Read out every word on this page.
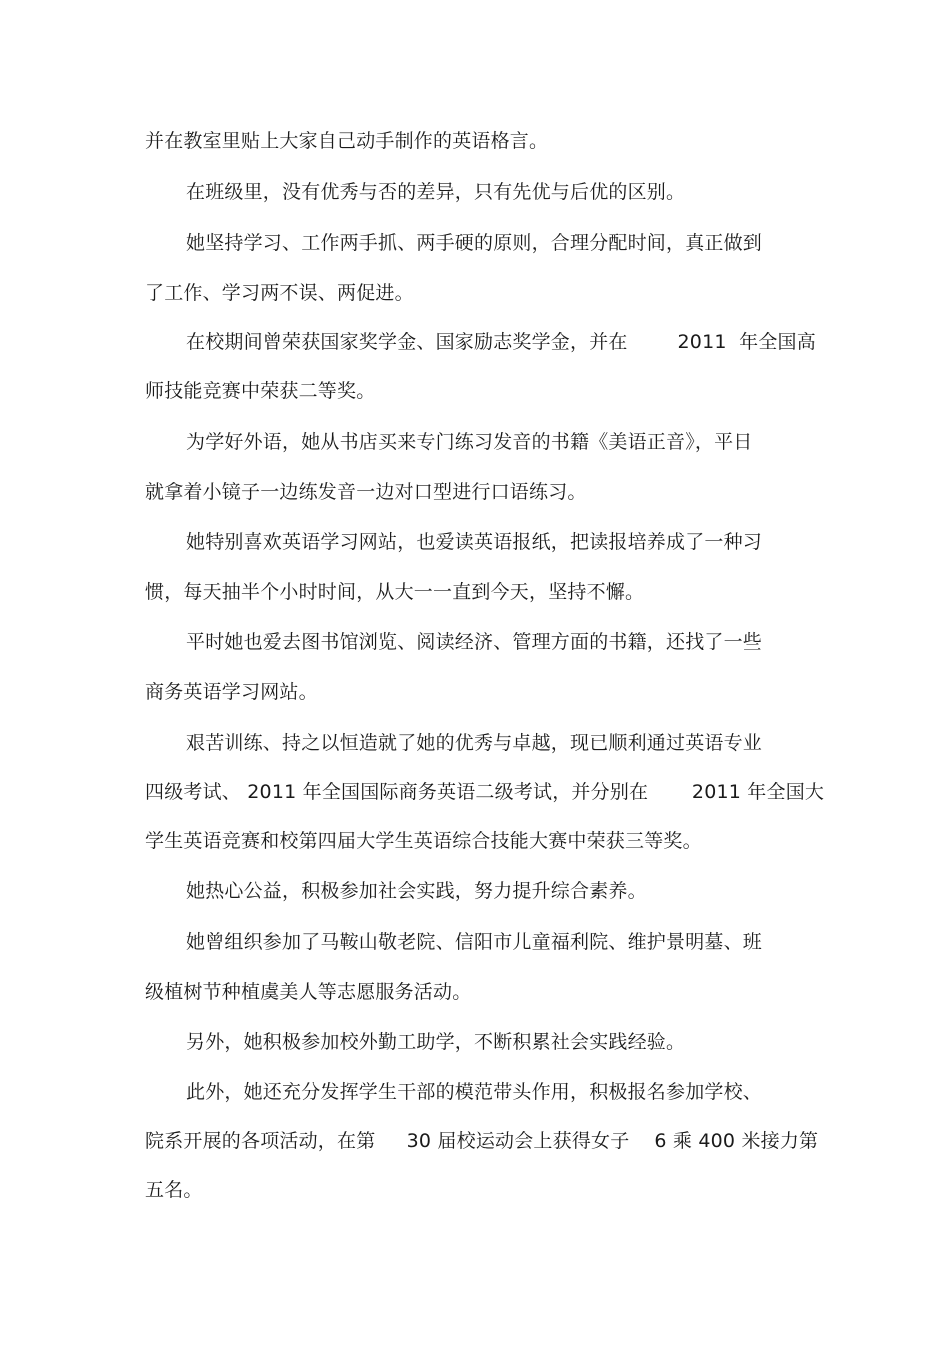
并在教室里贴上大家自己动手制作的英语格言。
在班级里，没有优秀与否的差异，只有先优与后优的区别。
她坚持学习、工作两手抓、两手硬的原则，合理分配时间，真正做到
了工作、学习两不误、两促进。
在校期间曾荣获国家奖学金、国家励志奖学金，并在        2011  年全国高
师技能竞赛中荣获二等奖。
为学好外语，她从书店买来专门练习发音的书籍《美语正音》，平日
就拿着小镜子一边练发音一边对口型进行口语练习。
她特别喜欢英语学习网站，也爱读英语报纸，把读报培养成了一种习
惯，每天抽半个小时时间，从大一一直到今天，坚持不懈。
平时她也爱去图书馆浏览、阅读经济、管理方面的书籍，还找了一些
商务英语学习网站。
艰苦训练、持之以恒造就了她的优秀与卓越，现已顺利通过英语专业
四级考试、 2011 年全国国际商务英语二级考试，并分别在       2011 年全国大
学生英语竞赛和校第四届大学生英语综合技能大赛中荣获三等奖。
她热心公益，积极参加社会实践，努力提升综合素养。
她曾组织参加了马鞍山敬老院、信阳市儿童福利院、维护景明墓、班
级植树节种植虞美人等志愿服务活动。
另外，她积极参加校外勤工助学，不断积累社会实践经验。
此外，她还充分发挥学生干部的模范带头作用，积极报名参加学校、
院系开展的各项活动，在第     30 届校运动会上获得女子    6 乘 400 米接力第
五名。
